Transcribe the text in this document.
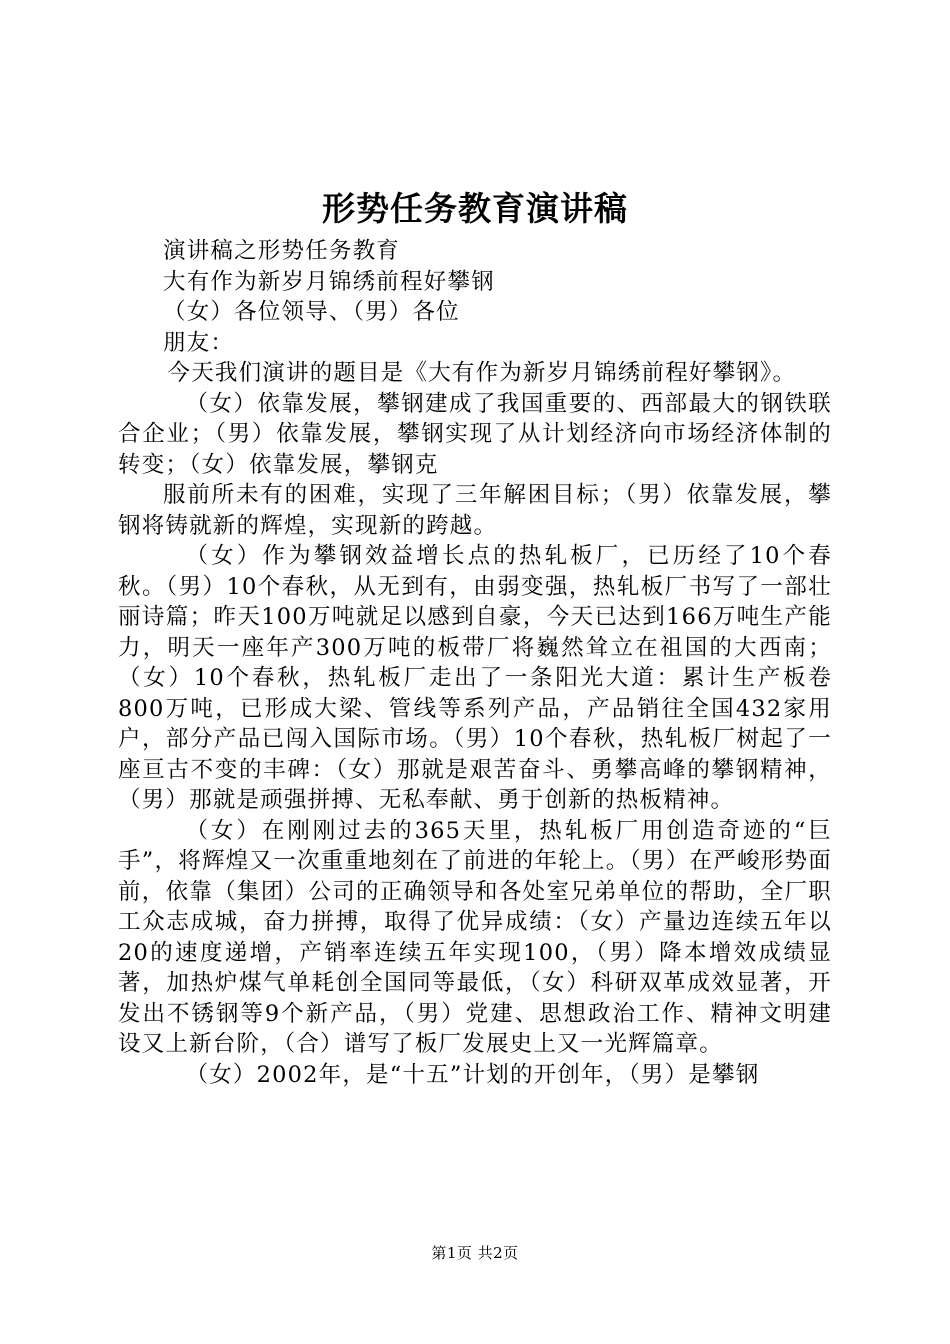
形势任务教育演讲稿

演讲稿之形势任务教育

大有作为新岁月锦绣前程好攀钢

（女）各位领导、（男）各位

朋友：

今天我们演讲的题目是《大有作为新岁月锦绣前程好攀钢》。

（女）依靠发展，攀钢建成了我国重要的、西部最大的钢铁联合企业；（男）依靠发展，攀钢实现了从计划经济向市场经济体制的转变；（女）依靠发展，攀钢克

服前所未有的困难，实现了三年解困目标；（男）依靠发展，攀钢将铸就新的辉煌，实现新的跨越。

（女）作为攀钢效益增长点的热轧板厂，已历经了10个春秋。（男）10个春秋，从无到有，由弱变强，热轧板厂书写了一部壮丽诗篇；昨天100万吨就足以感到自豪，今天已达到166万吨生产能力，明天一座年产300万吨的板带厂将巍然耸立在祖国的大西南；（女）10个春秋，热轧板厂走出了一条阳光大道：累计生产板卷800万吨，已形成大梁、管线等系列产品，产品销往全国432家用户，部分产品已闯入国际市场。（男）10个春秋，热轧板厂树起了一座亘古不变的丰碑：（女）那就是艰苦奋斗、勇攀高峰的攀钢精神，（男）那就是顽强拼搏、无私奉献、勇于创新的热板精神。

（女）在刚刚过去的365天里，热轧板厂用创造奇迹的“巨手”，将辉煌又一次重重地刻在了前进的年轮上。（男）在严峻形势面前，依靠（集团）公司的正确领导和各处室兄弟单位的帮助，全厂职工众志成城，奋力拼搏，取得了优异成绩：（女）产量边连续五年以20的速度递增，产销率连续五年实现100，（男）降本增效成绩显著，加热炉煤气单耗创全国同等最低，（女）科研双革成效显著，开发出不锈钢等9个新产品，（男）党建、思想政治工作、精神文明建设又上新台阶，（合）谱写了板厂发展史上又一光辉篇章。

（女）2002年，是“十五”计划的开创年，（男）是攀钢

第1页 共2页
